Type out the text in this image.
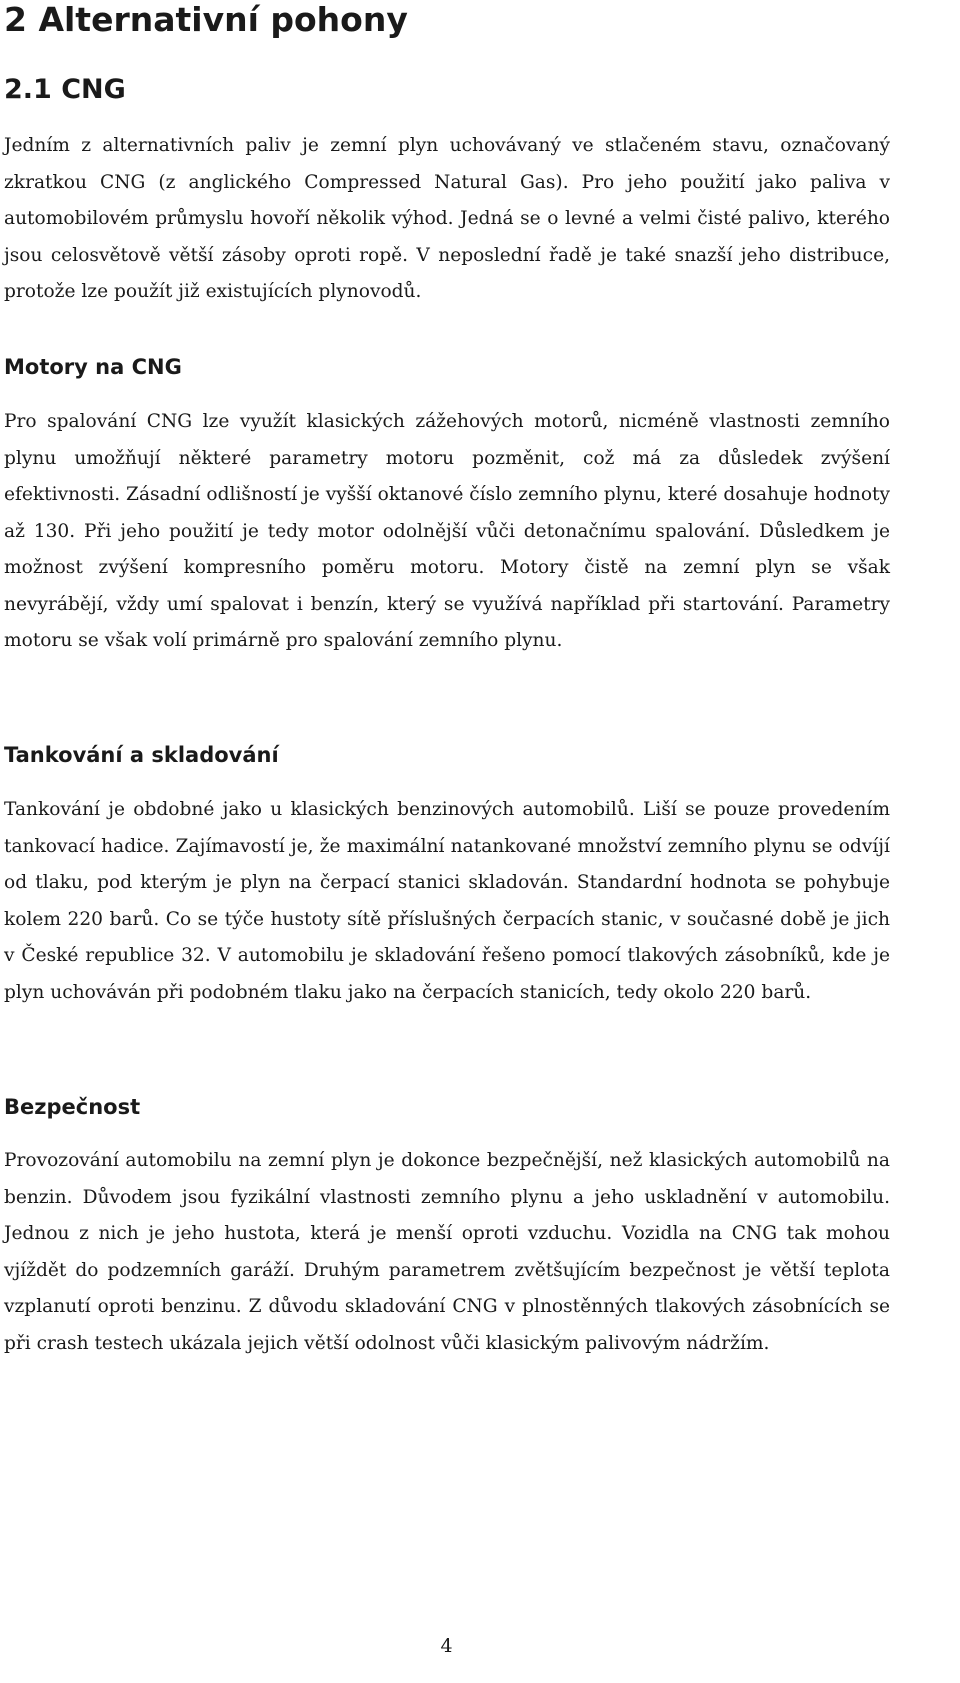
2 Alternativní pohony
2.1 CNG

Jedním z alternativních paliv je zemní plyn uchovávaný ve stlačeném stavu, označovaný zkratkou CNG (z anglického Compressed Natural Gas). Pro jeho použití jako paliva v automobilovém průmyslu hovoří několik výhod. Jedná se o levné a velmi čisté palivo, kterého jsou celosvětově větší zásoby oproti ropě. V neposlední řadě je také snazší jeho distribuce, protože lze použít již existujících plynovodů.

Motory na CNG

Pro spalování CNG lze využít klasických zážehových motorů, nicméně vlastnosti zemního plynu umožňují některé parametry motoru pozměnit, což má za důsledek zvýšení efektivnosti. Zásadní odlišností je vyšší oktanové číslo zemního plynu, které dosahuje hodnoty až 130. Při jeho použití je tedy motor odolnější vůči detonačnímu spalování. Důsledkem je možnost zvýšení kompresního poměru motoru. Motory čistě na zemní plyn se však nevyrábějí, vždy umí spalovat i benzín, který se využívá například při startování. Parametry motoru se však volí primárně pro spalování zemního plynu.

Tankování a skladování

Tankování je obdobné jako u klasických benzinových automobilů. Liší se pouze provedením tankovací hadice. Zajímavostí je, že maximální natankované množství zemního plynu se odvíjí od tlaku, pod kterým je plyn na čerpací stanici skladován. Standardní hodnota se pohybuje kolem 220 barů. Co se týče hustoty sítě příslušných čerpacích stanic, v současné době je jich v České republice 32. V automobilu je skladování řešeno pomocí tlakových zásobníků, kde je plyn uchováván při podobném tlaku jako na čerpacích stanicích, tedy okolo 220 barů.

Bezpečnost

Provozování automobilu na zemní plyn je dokonce bezpečnější, než klasických automobilů na benzin. Důvodem jsou fyzikální vlastnosti zemního plynu a jeho uskladnění v automobilu. Jednou z nich je jeho hustota, která je menší oproti vzduchu. Vozidla na CNG tak mohou vjíždět do podzemních garáží. Druhým parametrem zvětšujícím bezpečnost je větší teplota vzplanutí oproti benzinu. Z důvodu skladování CNG v plnostěnných tlakových zásobnících se při crash testech ukázala jejich větší odolnost vůči klasickým palivovým nádržím.

4
